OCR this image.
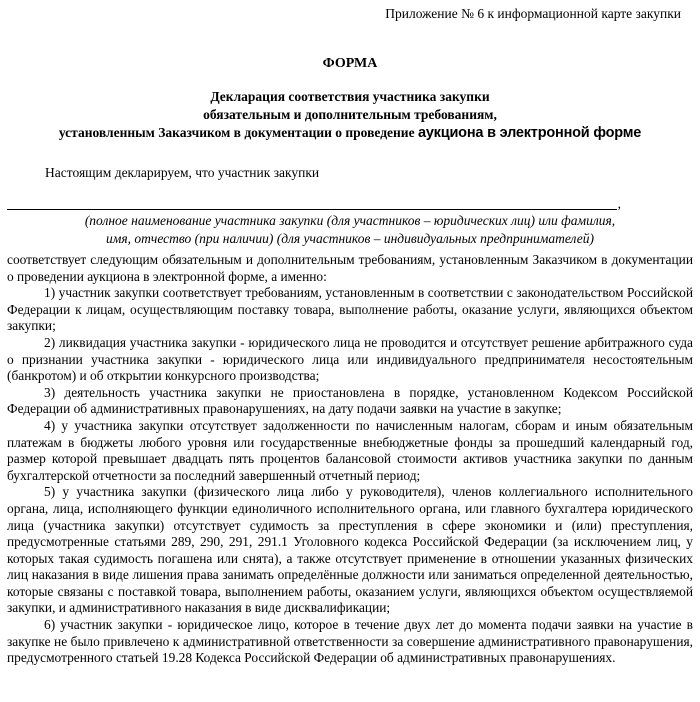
Приложение № 6 к информационной карте закупки
ФОРМА
Декларация соответствия участника закупки
обязательным и дополнительным требованиям,
установленным Заказчиком в документации о проведение аукциона в электронной форме
Настоящим декларируем, что участник закупки
,
(полное наименование участника закупки (для участников – юридических лиц) или фамилия, имя, отчество (при наличии) (для участников – индивидуальных предпринимателей)

соответствует следующим обязательным и дополнительным требованиям, установленным Заказчиком в документации о проведении аукциона в электронной форме, а именно:

1) участник закупки соответствует требованиям, установленным в соответствии с законодательством Российской Федерации к лицам, осуществляющим поставку товара, выполнение работы, оказание услуги, являющихся объектом закупки;

2) ликвидация участника закупки - юридического лица не проводится и отсутствует решение арбитражного суда о признании участника закупки - юридического лица или индивидуального предпринимателя несостоятельным (банкротом) и об открытии конкурсного производства;

3) деятельность участника закупки не приостановлена в порядке, установленном Кодексом Российской Федерации об административных правонарушениях, на дату подачи заявки на участие в закупке;

4) у участника закупки отсутствует задолженности по начисленным налогам, сборам и иным обязательным платежам в бюджеты любого уровня или государственные внебюджетные фонды за прошедший календарный год, размер которой превышает двадцать пять процентов балансовой стоимости активов участника закупки по данным бухгалтерской отчетности за последний завершенный отчетный период;

5) у участника закупки (физического лица либо у руководителя), членов коллегиального исполнительного органа, лица, исполняющего функции единоличного исполнительного органа, или главного бухгалтера юридического лица (участника закупки) отсутствует судимость за преступления в сфере экономики и (или) преступления, предусмотренные статьями 289, 290, 291, 291.1 Уголовного кодекса Российской Федерации (за исключением лиц, у которых такая судимость погашена или снята), а также отсутствует применение в отношении указанных физических лиц наказания в виде лишения права занимать определённые должности или заниматься определенной деятельностью, которые связаны с поставкой товара, выполнением работы, оказанием услуги, являющихся объектом осуществляемой закупки, и административного наказания в виде дисквалификации;

6) участник закупки - юридическое лицо, которое в течение двух лет до момента подачи заявки на участие в закупке не было привлечено к административной ответственности за совершение административного правонарушения, предусмотренного статьей 19.28 Кодекса Российской Федерации об административных правонарушениях.
